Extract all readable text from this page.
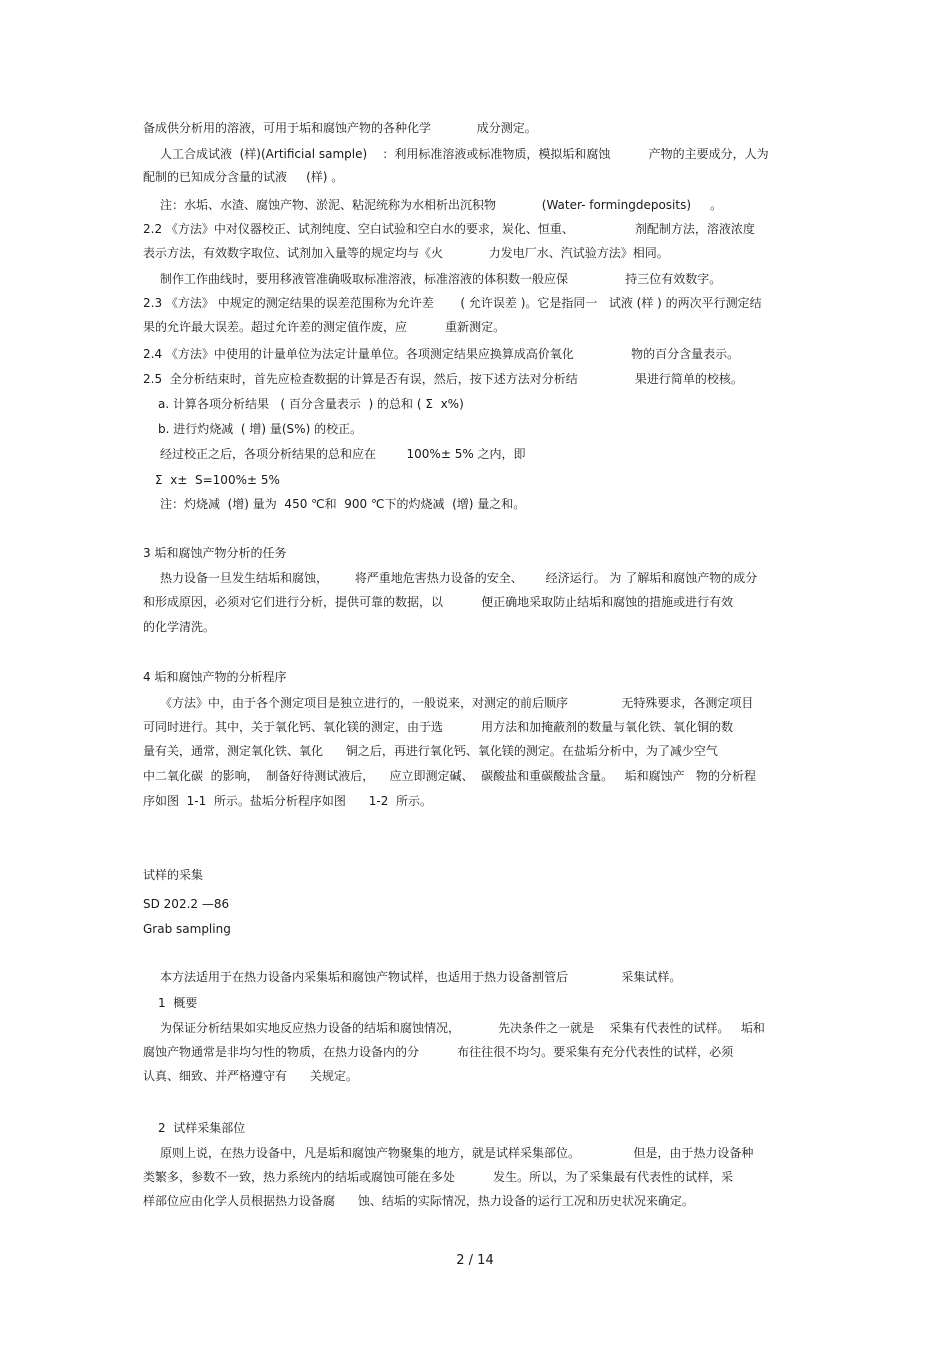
备成供分析用的溶液，可用于垢和腐蚀产物的各种化学            成分测定。

人工合成试液  (样)(Artificial sample)    ：利用标准溶液或标准物质，模拟垢和腐蚀          产物的主要成分，人为

配制的已知成分含量的试液     (样) 。

注：水垢、水渣、腐蚀产物、淤泥、粘泥统称为水相析出沉积物            (Water- formingdeposits)     。

2.2 《方法》中对仪器校正、试剂纯度、空白试验和空白水的要求，炭化、恒重、                剂配制方法，溶液浓度

表示方法，有效数字取位、试剂加入量等的规定均与《火            力发电厂水、汽试验方法》相同。

制作工作曲线时，要用移液管准确吸取标准溶液，标准溶液的体积数一般应保               持三位有效数字。

2.3 《方法》 中规定的测定结果的误差范围称为允许差       ( 允许误差 )。它是指同一   试液 (样 ) 的两次平行测定结

果的允许最大误差。超过允许差的测定值作废，应          重新测定。

2.4 《方法》中使用的计量单位为法定计量单位。各项测定结果应换算成高价氧化               物的百分含量表示。

2.5  全分析结束时，首先应检查数据的计算是否有误，然后，按下述方法对分析结               果进行简单的校核。

a. 计算各项分析结果   ( 百分含量表示  ) 的总和 ( Σ  x%)

b. 进行灼烧减  ( 增) 量(S%) 的校正。

经过校正之后，各项分析结果的总和应在        100%± 5% 之内，即

Σ  x±  S=100%± 5%

注：灼烧减  (增) 量为  450 ℃和  900 ℃下的灼烧减  (增) 量之和。

3 垢和腐蚀产物分析的任务

热力设备一旦发生结垢和腐蚀，       将严重地危害热力设备的安全、      经济运行。 为 了解垢和腐蚀产物的成分

和形成原因，必须对它们进行分析，提供可靠的数据，以          便正确地采取防止结垢和腐蚀的措施或进行有效

的化学清洗。

4 垢和腐蚀产物的分析程序

《方法》中，由于各个测定项目是独立进行的，一般说来，对测定的前后顺序              无特殊要求，各测定项目

可同时进行。其中，关于氧化钙、氧化镁的测定，由于选          用方法和加掩蔽剂的数量与氧化铁、氧化铜的数

量有关，通常，测定氧化铁、氧化      铜之后，再进行氧化钙、氧化镁的测定。在盐垢分析中，为了减少空气

中二氧化碳  的影响，  制备好待测试液后，    应立即测定碱、  碳酸盐和重碳酸盐含量。   垢和腐蚀产   物的分析程

序如图  1-1  所示。盐垢分析程序如图      1-2  所示。

试样的采集

SD 202.2 —86

Grab sampling

本方法适用于在热力设备内采集垢和腐蚀产物试样，也适用于热力设备割管后              采集试样。

1  概要

为保证分析结果如实地反应热力设备的结垢和腐蚀情况，          先决条件之一就是    采集有代表性的试样。   垢和

腐蚀产物通常是非均匀性的物质，在热力设备内的分          布往往很不均匀。要采集有充分代表性的试样，必须

认真、细致、并严格遵守有      关规定。

2  试样采集部位

原则上说，在热力设备中，凡是垢和腐蚀产物聚集的地方，就是试样采集部位。              但是，由于热力设备种

类繁多，参数不一致，热力系统内的结垢或腐蚀可能在多处          发生。所以，为了采集最有代表性的试样，采

样部位应由化学人员根据热力设备腐      蚀、结垢的实际情况，热力设备的运行工况和历史状况来确定。

2 / 14
